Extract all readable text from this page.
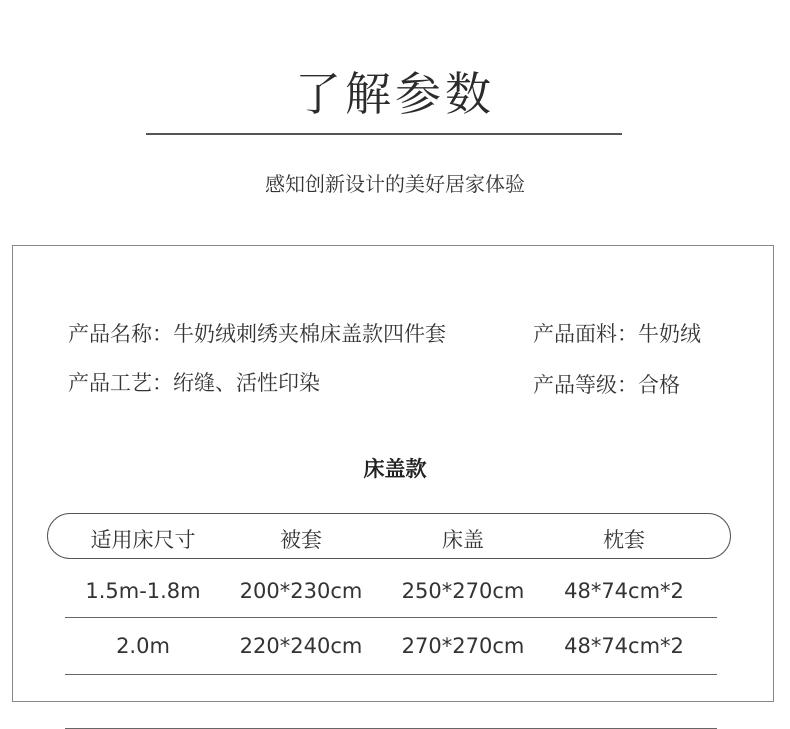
了解参数
感知创新设计的美好居家体验
产品名称：牛奶绒刺绣夹棉床盖款四件套	产品面料：牛奶绒
产品工艺：绗缝、活性印染	产品等级：合格
床盖款
适用床尺寸	被套	床盖	枕套
1.5m-1.8m	200*230cm	250*270cm	48*74cm*2
2.0m	220*240cm	270*270cm	48*74cm*2
